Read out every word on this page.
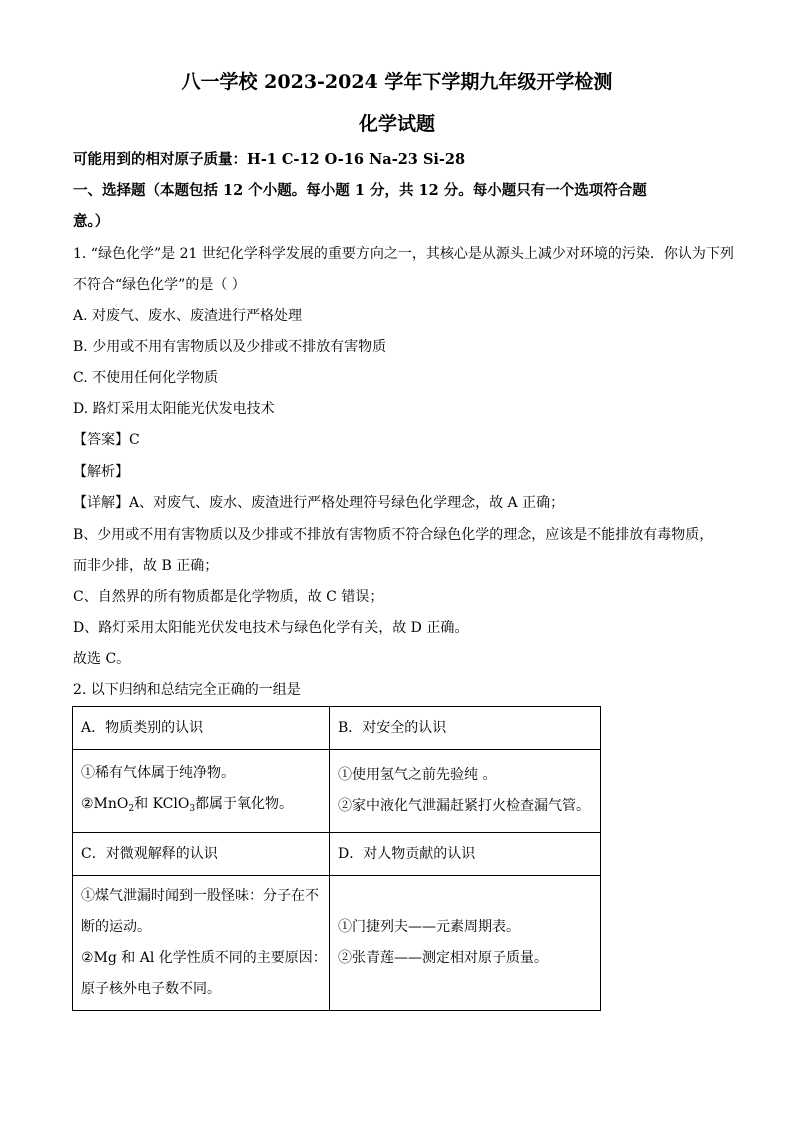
八一学校 2023-2024 学年下学期九年级开学检测
化学试题
可能用到的相对原子质量：H-1 C-12 O-16 Na-23 Si-28
一、选择题（本题包括 12 个小题。每小题 1 分，共 12 分。每小题只有一个选项符合题
意。）
1. “绿色化学”是 21 世纪化学科学发展的重要方向之一，其核心是从源头上减少对环境的污染．你认为下列
不符合“绿色化学”的是（ ）
A. 对废气、废水、废渣进行严格处理
B. 少用或不用有害物质以及少排或不排放有害物质
C. 不使用任何化学物质
D. 路灯采用太阳能光伏发电技术
【答案】C
【解析】
【详解】A、对废气、废水、废渣进行严格处理符号绿色化学理念，故 A 正确；
B、少用或不用有害物质以及少排或不排放有害物质不符合绿色化学的理念，应该是不能排放有毒物质，
而非少排，故 B 正确；
C、自然界的所有物质都是化学物质，故 C 错误；
D、路灯采用太阳能光伏发电技术与绿色化学有关，故 D 正确。
故选 C。
2. 以下归纳和总结完全正确的一组是
A．物质类别的认识	B．对安全的认识

①稀有气体属于纯净物。
②MnO$_2$和 KClO$_3$都属于氧化物。	①使用氢气之前先验纯 。
②家中液化气泄漏赶紧打火检查漏气管。

C．对微观解释的认识	D．对人物贡献的认识

①煤气泄漏时闻到一股怪味：分子在不
断的运动。
②Mg 和 Al 化学性质不同的主要原因：
原子核外电子数不同。	①门捷列夫——元素周期表。
②张青莲——测定相对原子质量。
